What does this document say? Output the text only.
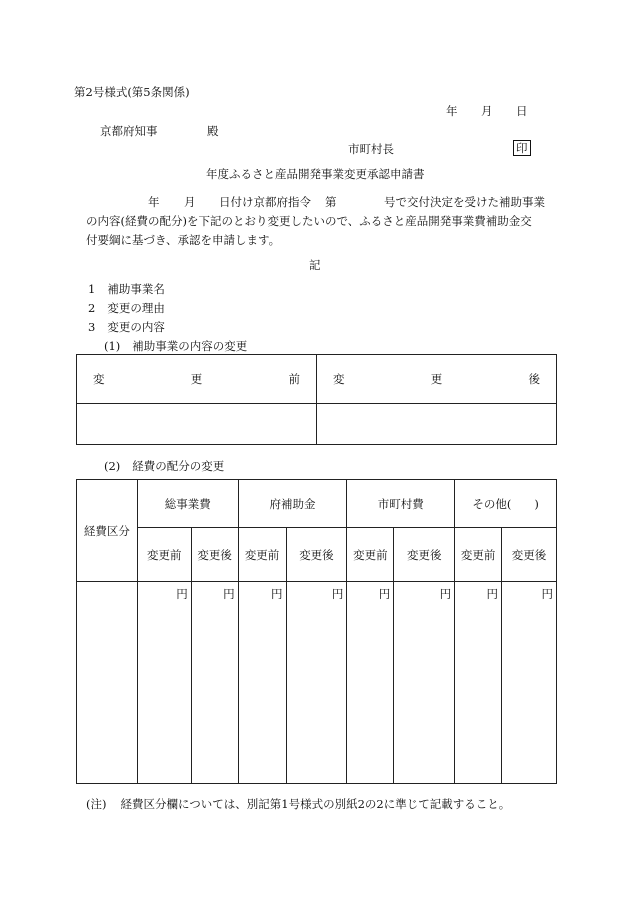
第2号様式(第5条関係)
年 月 日
京都府知事	殿
市町村長	印
年度ふるさと産品開発事業変更承認申請書
年 月 日付け京都府指令 第	号で交付決定を受けた補助事業
の内容(経費の配分)を下記のとおり変更したいので、ふるさと産品開発事業費補助金交
付要綱に基づき、承認を申請します。
記
1 補助事業名
2 変更の理由
3 変更の内容
(1) 補助事業の内容の変更
変 更 前	変 更 後

(2) 経費の配分の変更
経費区分	総事業費		府補助金		市町村費		その他(　　)	
	変更前	変更後	変更前	変更後	変更前	変更後	変更前	変更後
	円	円	円	円	円	円	円	円
(注) 経費区分欄については、別記第1号様式の別紙2の2に準じて記載すること。
